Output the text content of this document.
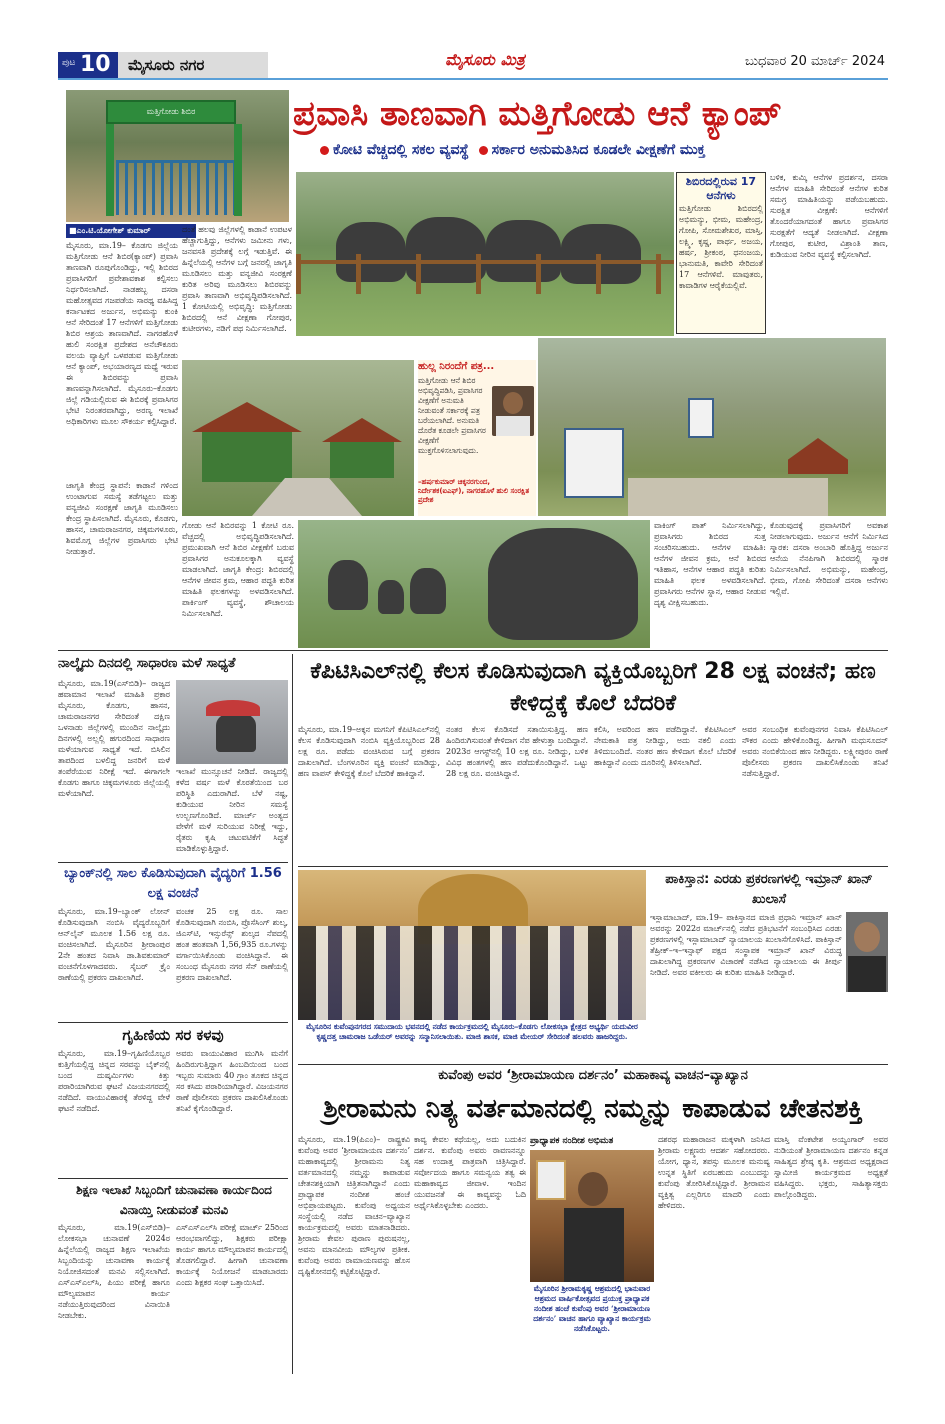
ಪುಟ 10 ಮೈಸೂರು ನಗರ	ಮೈಸೂರು ಮಿತ್ರ	ಬುಧವಾರ 20 ಮಾರ್ಚ್ 2024
ಮತ್ತಿಗೋಡು ಶಿಬಿರ	ಪ್ರವಾಸಿ ತಾಣವಾಗಿ ಮತ್ತಿಗೋಡು ಆನೆ ಕ್ಯಾಂಪ್
ಕೋಟಿ ವೆಚ್ಚದಲ್ಲಿ ಸಕಲ ವ್ಯವಸ್ಥೆ ಸರ್ಕಾರ ಅನುಮತಿಸಿದ ಕೂಡಲೇ ವೀಕ್ಷಣೆಗೆ ಮುಕ್ತ
ಶಿಬಿರದಲ್ಲಿರುವ 17 ಆನೆಗಳು
ಮತ್ತಿಗೋಡು ಶಿಬಿರದಲ್ಲಿ ಅಭಿಮನ್ಯು, ಭೀಮ, ಮಹೇಂದ್ರ, ಗೋಪಿ, ಸೋಮಶೇಖರ, ಮಾಸ್ತಿ, ಲಕ್ಷ್ಮಿ, ಕೃಷ್ಣ, ಪಾರ್ಥ, ಅಜಯ, ಹರ್ಷ, ಶ್ರೀಕಂಠ, ಧನಂಜಯ, ಭಾನುಮತಿ, ಕಾವೇರಿ ಸೇರಿದಂತೆ 17 ಆನೆಗಳಿವೆ. ಮಾವುತರು, ಕಾವಾಡಿಗಳ ಆರೈಕೆಯಲ್ಲಿವೆ.
ಬಳಿಕ, ಕುಮ್ಕಿ ಆನೆಗಳ ಪ್ರದರ್ಶನ, ದಸರಾ ಆನೆಗಳ ಮಾಹಿತಿ ಸೇರಿದಂತೆ ಆನೆಗಳ ಕುರಿತ ಸಮಗ್ರ ಮಾಹಿತಿಯನ್ನು ಪಡೆಯಬಹುದು. ಸುರಕ್ಷಿತ ವೀಕ್ಷಣೆ: ಆನೆಗಳಿಗೆ ತೊಂದರೆಯಾಗದಂತೆ ಹಾಗೂ ಪ್ರವಾಸಿಗರ ಸುರಕ್ಷತೆಗೆ ಆದ್ಯತೆ ನೀಡಲಾಗಿದೆ. ವೀಕ್ಷಣಾ ಗೋಪುರ, ಕುಟೀರ, ವಿಶ್ರಾಂತಿ ತಾಣ, ಕುಡಿಯುವ ನೀರಿನ ವ್ಯವಸ್ಥೆ ಕಲ್ಪಿಸಲಾಗಿದೆ.
■ಎಂ.ಟಿ.ಯೋಗೇಶ್ ಕುಮಾರ್
ಮೈಸೂರು, ಮಾ.19– ಕೊಡಗು ಜಿಲ್ಲೆಯ ಮತ್ತಿಗೋಡು ಆನೆ ಶಿಬಿರ(ಕ್ಯಾಂಪ್) ಪ್ರವಾಸಿ ತಾಣವಾಗಿ ರೂಪುಗೊಂಡಿದ್ದು, ಇಲ್ಲಿ ಶಿಬಿರದ ಪ್ರವಾಸಿಗರಿಗೆ ಪ್ರವೇಶಾವಕಾಶ ಕಲ್ಪಿಸಲು ನಿರ್ಧರಿಸಲಾಗಿದೆ. ನಾಡಹಬ್ಬ ದಸರಾ ಮಹೋತ್ಸವದ ಗಜಪಡೆಯ ಸಾರಥ್ಯ ವಹಿಸಿದ್ದ ಕರ್ನಾಟಕದ ಅರ್ಜುನ, ಅಭಿಮನ್ಯು ಕುಂಕಿ ಆನೆ ಸೇರಿದಂತೆ 17 ಆನೆಗಳಿಗೆ ಮತ್ತಿಗೋಡು ಶಿಬಿರ ಆಶ್ರಯ ತಾಣವಾಗಿದೆ. ನಾಗರಹೊಳೆ ಹುಲಿ ಸಂರಕ್ಷಿತ ಪ್ರದೇಶದ ಅನೆಚೌಕೂರು ವಲಯ ವ್ಯಾಪ್ತಿಗೆ ಒಳಪಡುವ ಮತ್ತಿಗೋಡು ಆನೆ ಕ್ಯಾಂಪ್, ಅಭಯಾರಣ್ಯದ ಮಧ್ಯೆ ಇರುವ ಈ ಶಿಬಿರವನ್ನು ಪ್ರವಾಸಿ ತಾಣವನ್ನಾಗಿಸಲಾಗಿದೆ. ಮೈಸೂರು–ಕೊಡಗು ಜಿಲ್ಲೆ ಗಡಿಯಲ್ಲಿರುವ ಈ ಶಿಬಿರಕ್ಕೆ ಪ್ರವಾಸಿಗರ ಭೇಟಿ ನಿರಂತರವಾಗಿದ್ದು, ಅರಣ್ಯ ಇಲಾಖೆ ಅಧಿಕಾರಿಗಳು ಮೂಲ ಸೌಕರ್ಯ ಕಲ್ಪಿಸಿದ್ದಾರೆ.
ದಂತೆ ಹಲವು ಜಿಲ್ಲೆಗಳಲ್ಲಿ ಕಾಡಾನೆ ಉಪಟಳ ಹೆಚ್ಚಾಗುತ್ತಿದ್ದು, ಆನೆಗಳು ಜಮೀನು ಗಳು, ಜನವಸತಿ ಪ್ರದೇಶಕ್ಕೆ ಲಗ್ಗೆ ಇಡುತ್ತಿವೆ. ಈ ಹಿನ್ನೆಲೆಯಲ್ಲಿ ಆನೆಗಳ ಬಗ್ಗೆ ಜನರಲ್ಲಿ ಜಾಗೃತಿ ಮೂಡಿಸಲು ಮತ್ತು ವನ್ಯಜೀವಿ ಸಂರಕ್ಷಣೆ ಕುರಿತ ಅರಿವು ಮೂಡಿಸಲು ಶಿಬಿರವನ್ನು ಪ್ರವಾಸಿ ತಾಣವಾಗಿ ಅಭಿವೃದ್ಧಿಪಡಿಸಲಾಗಿದೆ. 1 ಕೋಟಿಯಲ್ಲಿ ಅಭಿವೃದ್ಧಿ: ಮತ್ತಿಗೋಡು ಶಿಬಿರದಲ್ಲಿ ಆನೆ ವೀಕ್ಷಣಾ ಗೋಪುರ, ಕುಟೀರಗಳು, ನಡಿಗೆ ಪಥ ನಿರ್ಮಿಸಲಾಗಿದೆ.
ಹುಲ್ಲ ನಿರಂದೆಗೆ ಪತ್ರ...
ಮತ್ತಿಗೋಡು ಆನೆ ಶಿಬಿರ ಅಭಿವೃದ್ಧಿಪಡಿಸಿ, ಪ್ರವಾಸಿಗರ ವೀಕ್ಷಣೆಗೆ ಅನುಮತಿ ನೀಡುವಂತೆ ಸರ್ಕಾರಕ್ಕೆ ಪತ್ರ ಬರೆಯಲಾಗಿದೆ. ಅನುಮತಿ ದೊರೆತ ಕೂಡಲೇ ಪ್ರವಾಸಿಗರ ವೀಕ್ಷಣೆಗೆ ಮುಕ್ತಗೊಳಿಸಲಾಗುವುದು.
–ಹರ್ಷಕುಮಾರ್ ಚಿಕ್ಕನರಗುಂದ, ನಿರ್ದೇಶಕ(ಐಎಫ್), ನಾಗರಹೊಳೆ ಹುಲಿ ಸಂರಕ್ಷಿತ ಪ್ರದೇಶ
ಜಾಗೃತಿ ಕೇಂದ್ರ ಸ್ಥಾಪನೆ: ಕಾಡಾನೆ ಗಳಿಂದ ಉಂಟಾಗುವ ಸಮಸ್ಯೆ ತಡೆಗಟ್ಟಲು ಮತ್ತು ವನ್ಯಜೀವಿ ಸಂರಕ್ಷಣೆ ಜಾಗೃತಿ ಮೂಡಿಸಲು ಕೇಂದ್ರ ಸ್ಥಾಪಿಸಲಾಗಿದೆ. ಮೈಸೂರು, ಕೊಡಗು, ಹಾಸನ, ಚಾಮರಾಜನಗರ, ಚಿಕ್ಕಮಗಳೂರು, ಶಿವಮೊಗ್ಗ ಜಿಲ್ಲೆಗಳ ಪ್ರವಾಸಿಗರು ಭೇಟಿ ನೀಡುತ್ತಾರೆ.
ಗೋಡು ಆನೆ ಶಿಬಿರವನ್ನು 1 ಕೋಟಿ ರೂ. ವೆಚ್ಚದಲ್ಲಿ ಅಭಿವೃದ್ಧಿಪಡಿಸಲಾಗಿದೆ. ಪ್ರಮುಖವಾಗಿ ಆನೆ ಶಿಬಿರ ವೀಕ್ಷಣೆಗೆ ಬರುವ ಪ್ರವಾಸಿಗರ ಅನುಕೂಲಕ್ಕಾಗಿ ವ್ಯವಸ್ಥೆ ಮಾಡಲಾಗಿದೆ. ಜಾಗೃತಿ ಕೇಂದ್ರ: ಶಿಬಿರದಲ್ಲಿ ಆನೆಗಳ ಜೀವನ ಕ್ರಮ, ಆಹಾರ ಪದ್ಧತಿ ಕುರಿತ ಮಾಹಿತಿ ಫಲಕಗಳನ್ನು ಅಳವಡಿಸಲಾಗಿದೆ. ಪಾರ್ಕಿಂಗ್ ವ್ಯವಸ್ಥೆ, ಶೌಚಾಲಯ ನಿರ್ಮಿಸಲಾಗಿದೆ.
ವಾಕಿಂಗ್ ಪಾತ್ ನಿರ್ಮಿಸಲಾಗಿದ್ದು, ಪ್ರವಾಸಿಗರು ಶಿಬಿರದ ಸುತ್ತ ಸಂಚರಿಸಬಹುದು. ಆನೆಗಳ ಮಾಹಿತಿ: ಆನೆಗಳ ಜೀವನ ಕ್ರಮ, ಆನೆ ಶಿಬಿರದ ಇತಿಹಾಸ, ಆನೆಗಳ ಆಹಾರ ಪದ್ಧತಿ ಕುರಿತು ಮಾಹಿತಿ ಫಲಕ ಅಳವಡಿಸಲಾಗಿದೆ. ಪ್ರವಾಸಿಗರು ಆನೆಗಳ ಸ್ನಾನ, ಆಹಾರ ನೀಡುವ ದೃಶ್ಯ ವೀಕ್ಷಿಸಬಹುದು.
ಕೊಡುವುದಕ್ಕೆ ಪ್ರವಾಸಿಗರಿಗೆ ಅವಕಾಶ ನೀಡಲಾಗುವುದು. ಅರ್ಜುನ ಆನೆಗೆ ನಿರ್ಮಿಸಿದ ಸ್ಮಾರಕ: ದಸರಾ ಅಂಬಾರಿ ಹೊತ್ತಿದ್ದ ಅರ್ಜುನ ಆನೆಯ ನೆನಪಿಗಾಗಿ ಶಿಬಿರದಲ್ಲಿ ಸ್ಮಾರಕ ನಿರ್ಮಿಸಲಾಗಿದೆ. ಅಭಿಮನ್ಯು, ಮಹೇಂದ್ರ, ಭೀಮ, ಗೋಪಿ ಸೇರಿದಂತೆ ದಸರಾ ಆನೆಗಳು ಇಲ್ಲಿವೆ.
ನಾಲ್ಕೈದು ದಿನದಲ್ಲಿ ಸಾಧಾರಣ ಮಳೆ ಸಾಧ್ಯತೆ
ಮೈಸೂರು, ಮಾ.19(ಎಸ್‌ಬಿಡಿ)– ರಾಜ್ಯದ ಹವಾಮಾನ ಇಲಾಖೆ ಮಾಹಿತಿ ಪ್ರಕಾರ ಮೈಸೂರು, ಕೊಡಗು, ಹಾಸನ, ಚಾಮರಾಜನಗರ ಸೇರಿದಂತೆ ದಕ್ಷಿಣ ಒಳನಾಡು ಜಿಲ್ಲೆಗಳಲ್ಲಿ ಮುಂದಿನ ನಾಲ್ಕೈದು ದಿನಗಳಲ್ಲಿ ಅಲ್ಲಲ್ಲಿ ಹಗುರದಿಂದ ಸಾಧಾರಣ ಮಳೆಯಾಗುವ ಸಾಧ್ಯತೆ ಇದೆ. ಬಿಸಿಲಿನ ತಾಪದಿಂದ ಬಳಲಿದ್ದ ಜನರಿಗೆ ಮಳೆ ತಂಪೆರೆಯುವ ನಿರೀಕ್ಷೆ ಇದೆ. ಈಗಾಗಲೇ ಕೊಡಗು ಹಾಗೂ ಚಿಕ್ಕಮಗಳೂರು ಜಿಲ್ಲೆಯಲ್ಲಿ ಮಳೆಯಾಗಿದೆ.
ಇಲಾಖೆ ಮುನ್ಸೂಚನೆ ನೀಡಿದೆ. ರಾಜ್ಯದಲ್ಲಿ ಕಳೆದ ವರ್ಷ ಮಳೆ ಕೊರತೆಯಿಂದ ಬರ ಪರಿಸ್ಥಿತಿ ಎದುರಾಗಿದೆ. ಬೆಳೆ ನಷ್ಟ, ಕುಡಿಯುವ ನೀರಿನ ಸಮಸ್ಯೆ ಉಲ್ಬಣಗೊಂಡಿದೆ. ಮಾರ್ಚ್ ಅಂತ್ಯದ ವೇಳೆಗೆ ಮಳೆ ಸುರಿಯುವ ನಿರೀಕ್ಷೆ ಇದ್ದು, ರೈತರು ಕೃಷಿ ಚಟುವಟಿಕೆಗೆ ಸಿದ್ಧತೆ ಮಾಡಿಕೊಳ್ಳುತ್ತಿದ್ದಾರೆ.
ಬ್ಯಾಂಕ್‌ನಲ್ಲಿ ಸಾಲ ಕೊಡಿಸುವುದಾಗಿ ವೈದ್ಯರಿಗೆ 1.56 ಲಕ್ಷ ವಂಚನೆ
ಮೈಸೂರು, ಮಾ.19–ಬ್ಯಾಂಕ್ ಲೋನ್ ಕೊಡಿಸುವುದಾಗಿ ನಂಬಿಸಿ ವೈದ್ಯರೊಬ್ಬರಿಗೆ ಆನ್‌ಲೈನ್ ಮೂಲಕ 1.56 ಲಕ್ಷ ರೂ. ವಂಚಿಸಲಾಗಿದೆ. ಮೈಸೂರಿನ ಶ್ರೀರಾಂಪುರ 2ನೇ ಹಂತದ ನಿವಾಸಿ ಡಾ.ಶಿವಕುಮಾರ್ ವಂಚನೆಗೊಳಗಾದವರು. ಸೈಬರ್ ಕ್ರೈಂ ಠಾಣೆಯಲ್ಲಿ ಪ್ರಕರಣ ದಾಖಲಾಗಿದೆ.
ವಂಚಕ 25 ಲಕ್ಷ ರೂ. ಸಾಲ ಕೊಡಿಸುವುದಾಗಿ ನಂಬಿಸಿ, ಪ್ರೊಸೆಸಿಂಗ್ ಶುಲ್ಕ, ಜಿಎಸ್‌ಟಿ, ಇನ್ಸುರೆನ್ಸ್ ಶುಲ್ಕದ ನೆಪದಲ್ಲಿ ಹಂತ ಹಂತವಾಗಿ 1,56,935 ರೂ.ಗಳನ್ನು ವರ್ಗಾಯಿಸಿಕೊಂಡು ವಂಚಿಸಿದ್ದಾನೆ. ಈ ಸಂಬಂಧ ಮೈಸೂರು ನಗರ ಸೆನ್ ಠಾಣೆಯಲ್ಲಿ ಪ್ರಕರಣ ದಾಖಲಾಗಿದೆ.
ಗೃಹಿಣಿಯ ಸರ ಕಳವು
ಮೈಸೂರು, ಮಾ.19–ಗೃಹಿಣಿಯೊಬ್ಬರ ಕುತ್ತಿಗೆಯಲ್ಲಿದ್ದ ಚಿನ್ನದ ಸರವನ್ನು ಬೈಕ್‌ನಲ್ಲಿ ಬಂದ ದುಷ್ಕರ್ಮಿಗಳು ಕಿತ್ತು ಪರಾರಿಯಾಗಿರುವ ಘಟನೆ ವಿಜಯನಗರದಲ್ಲಿ ನಡೆದಿದೆ. ವಾಯುವಿಹಾರಕ್ಕೆ ತೆರಳಿದ್ದ ವೇಳೆ ಘಟನೆ ನಡೆದಿದೆ.
ಅವರು ವಾಯುವಿಹಾರ ಮುಗಿಸಿ ಮನೆಗೆ ಹಿಂದಿರುಗುತ್ತಿದ್ದಾಗ ಹಿಂಬದಿಯಿಂದ ಬಂದ ಇಬ್ಬರು ಸುಮಾರು 40 ಗ್ರಾಂ ತೂಕದ ಚಿನ್ನದ ಸರ ಕಸಿದು ಪರಾರಿಯಾಗಿದ್ದಾರೆ. ವಿಜಯನಗರ ಠಾಣೆ ಪೊಲೀಸರು ಪ್ರಕರಣ ದಾಖಲಿಸಿಕೊಂಡು ತನಿಖೆ ಕೈಗೊಂಡಿದ್ದಾರೆ.
ಶಿಕ್ಷಣ ಇಲಾಖೆ ಸಿಬ್ಬಂದಿಗೆ ಚುನಾವಣಾ ಕಾರ್ಯದಿಂದ ವಿನಾಯ್ತಿ ನೀಡುವಂತೆ ಮನವಿ
ಮೈಸೂರು, ಮಾ.19(ಎಸ್‌ಬಿಡಿ)– ಲೋಕಸಭಾ ಚುನಾವಣೆ 2024ರ ಹಿನ್ನೆಲೆಯಲ್ಲಿ ರಾಜ್ಯದ ಶಿಕ್ಷಣ ಇಲಾಖೆಯ ಸಿಬ್ಬಂದಿಯನ್ನು ಚುನಾವಣಾ ಕಾರ್ಯಕ್ಕೆ ನಿಯೋಜಿಸದಂತೆ ಮನವಿ ಸಲ್ಲಿಸಲಾಗಿದೆ. ಎಸ್‌ಎಸ್‌ಎಲ್‌ಸಿ, ಪಿಯು ಪರೀಕ್ಷೆ ಹಾಗೂ ಮೌಲ್ಯಮಾಪನ ಕಾರ್ಯ ನಡೆಯುತ್ತಿರುವುದರಿಂದ ವಿನಾಯಿತಿ ನೀಡಬೇಕು.
ಎಸ್‌ಎಸ್‌ಎಲ್‌ಸಿ ಪರೀಕ್ಷೆ ಮಾರ್ಚ್ 25ರಿಂದ ಆರಂಭವಾಗಲಿದ್ದು, ಶಿಕ್ಷಕರು ಪರೀಕ್ಷಾ ಕಾರ್ಯ ಹಾಗೂ ಮೌಲ್ಯಮಾಪನ ಕಾರ್ಯದಲ್ಲಿ ತೊಡಗಲಿದ್ದಾರೆ. ಹೀಗಾಗಿ ಚುನಾವಣಾ ಕಾರ್ಯಕ್ಕೆ ನಿಯೋಜನೆ ಮಾಡಬಾರದು ಎಂದು ಶಿಕ್ಷಕರ ಸಂಘ ಒತ್ತಾಯಿಸಿದೆ.
ಕೆಪಿಟಿಸಿಎಲ್‌ನಲ್ಲಿ ಕೆಲಸ ಕೊಡಿಸುವುದಾಗಿ ವ್ಯಕ್ತಿಯೊಬ್ಬರಿಗೆ 28 ಲಕ್ಷ ವಂಚನೆ; ಹಣ ಕೇಳಿದ್ದಕ್ಕೆ ಕೊಲೆ ಬೆದರಿಕೆ
ಮೈಸೂರು, ಮಾ.19–ಅಕ್ಕನ ಮಗನಿಗೆ ಕೆಪಿಟಿಸಿಎಲ್‌ನಲ್ಲಿ ಕೆಲಸ ಕೊಡಿಸುವುದಾಗಿ ನಂಬಿಸಿ ವ್ಯಕ್ತಿಯೊಬ್ಬರಿಂದ 28 ಲಕ್ಷ ರೂ. ಪಡೆದು ವಂಚಿಸಿರುವ ಬಗ್ಗೆ ಪ್ರಕರಣ ದಾಖಲಾಗಿದೆ. ಬೆಂಗಳೂರಿನ ವ್ಯಕ್ತಿ ವಂಚನೆ ಮಾಡಿದ್ದು, ಹಣ ವಾಪಸ್ ಕೇಳಿದ್ದಕ್ಕೆ ಕೊಲೆ ಬೆದರಿಕೆ ಹಾಕಿದ್ದಾನೆ.
ನಂತರ ಕೆಲಸ ಕೊಡಿಸದೆ ಸತಾಯಿಸುತ್ತಿದ್ದ. ಹಣ ಹಿಂದಿರುಗಿಸುವಂತೆ ಕೇಳಿದಾಗ ನೆಪ ಹೇಳುತ್ತಾ ಬಂದಿದ್ದಾನೆ. 2023ರ ಆಗಸ್ಟ್‌ನಲ್ಲಿ 10 ಲಕ್ಷ ರೂ. ನೀಡಿದ್ದು, ಬಳಿಕ ವಿವಿಧ ಹಂತಗಳಲ್ಲಿ ಹಣ ಪಡೆದುಕೊಂಡಿದ್ದಾನೆ. ಒಟ್ಟು 28 ಲಕ್ಷ ರೂ. ವಂಚಿಸಿದ್ದಾನೆ.
ಕಲಿಸಿ, ಅವರಿಂದ ಹಣ ಪಡೆದಿದ್ದಾನೆ. ಕೆಪಿಟಿಸಿಎಲ್ ನೇಮಕಾತಿ ಪತ್ರ ನೀಡಿದ್ದು, ಅದು ನಕಲಿ ಎಂದು ತಿಳಿದುಬಂದಿದೆ. ನಂತರ ಹಣ ಕೇಳಿದಾಗ ಕೊಲೆ ಬೆದರಿಕೆ ಹಾಕಿದ್ದಾನೆ ಎಂದು ದೂರಿನಲ್ಲಿ ತಿಳಿಸಲಾಗಿದೆ.
ಅವರ ಸಂಬಂಧಿಕ ಕುವೆಂಪುನಗರ ನಿವಾಸಿ ಕೆಪಿಟಿಸಿಎಲ್ ನೌಕರ ಎಂದು ಹೇಳಿಕೊಂಡಿದ್ದ. ಹೀಗಾಗಿ ಮಧುಸೂದನ್ ಅವರು ನಂಬಿಕೆಯಿಂದ ಹಣ ನೀಡಿದ್ದರು. ಲಕ್ಷ್ಮೀಪುರಂ ಠಾಣೆ ಪೊಲೀಸರು ಪ್ರಕರಣ ದಾಖಲಿಸಿಕೊಂಡು ತನಿಖೆ ನಡೆಸುತ್ತಿದ್ದಾರೆ.
ಮೈಸೂರಿನ ಕುವೆಂಪುನಗರದ ಸಮುದಾಯ ಭವನದಲ್ಲಿ ನಡೆದ ಕಾರ್ಯಕ್ರಮದಲ್ಲಿ ಮೈಸೂರು–ಕೊಡಗು ಲೋಕಸಭಾ ಕ್ಷೇತ್ರದ ಅಭ್ಯರ್ಥಿ ಯದುವೀರ ಕೃಷ್ಣದತ್ತ ಚಾಮರಾಜ ಒಡೆಯರ್ ಅವರನ್ನು ಸನ್ಮಾನಿಸಲಾಯಿತು. ಮಾಜಿ ಶಾಸಕ, ಮಾಜಿ ಮೇಯರ್ ಸೇರಿದಂತೆ ಹಲವರು ಹಾಜರಿದ್ದರು.
ಪಾಕಿಸ್ತಾನ: ಎರಡು ಪ್ರಕರಣಗಳಲ್ಲಿ ಇಮ್ರಾನ್ ಖಾನ್ ಖುಲಾಸೆ
ಇಸ್ಲಾಮಾಬಾದ್, ಮಾ.19– ಪಾಕಿಸ್ತಾನದ ಮಾಜಿ ಪ್ರಧಾನಿ ಇಮ್ರಾನ್ ಖಾನ್ ಅವರನ್ನು 2022ರ ಮಾರ್ಚ್‌ನಲ್ಲಿ ನಡೆದ ಪ್ರತಿಭಟನೆಗೆ ಸಂಬಂಧಿಸಿದ ಎರಡು ಪ್ರಕರಣಗಳಲ್ಲಿ ಇಸ್ಲಾಮಾಬಾದ್ ನ್ಯಾಯಾಲಯ ಖುಲಾಸೆಗೊಳಿಸಿದೆ. ಪಾಕಿಸ್ತಾನ್ ತೆಹ್ರೀಕ್–ಇ–ಇನ್ಸಾಫ್ ಪಕ್ಷದ ಸಂಸ್ಥಾಪಕ ಇಮ್ರಾನ್ ಖಾನ್ ವಿರುದ್ಧ ದಾಖಲಾಗಿದ್ದ ಪ್ರಕರಣಗಳ ವಿಚಾರಣೆ ನಡೆಸಿದ ನ್ಯಾಯಾಲಯ ಈ ತೀರ್ಪು ನೀಡಿದೆ. ಅವರ ವಕೀಲರು ಈ ಕುರಿತು ಮಾಹಿತಿ ನೀಡಿದ್ದಾರೆ.
ಕುವೆಂಪು ಅವರ ‘ಶ್ರೀರಾಮಾಯಣ ದರ್ಶನಂ’ ಮಹಾಕಾವ್ಯ ವಾಚನ–ವ್ಯಾಖ್ಯಾನ
ಶ್ರೀರಾಮನು ನಿತ್ಯ ವರ್ತಮಾನದಲ್ಲಿ ನಮ್ಮನ್ನು ಕಾಪಾಡುವ ಚೇತನಶಕ್ತಿ
ಮೈಸೂರು, ಮಾ.19(ಪಿಎಂ)– ರಾಷ್ಟ್ರಕವಿ ಕುವೆಂಪು ಅವರ ‘ಶ್ರೀರಾಮಾಯಣ ದರ್ಶನಂ’ ಮಹಾಕಾವ್ಯದಲ್ಲಿ ಶ್ರೀರಾಮನು ನಿತ್ಯ ವರ್ತಮಾನದಲ್ಲಿ ನಮ್ಮನ್ನು ಕಾಪಾಡುವ ಚೇತನಶಕ್ತಿಯಾಗಿ ಚಿತ್ರಿತನಾಗಿದ್ದಾನೆ ಎಂದು ಪ್ರಾಧ್ಯಾಪಕ ನಂದೀಶ ಹಂಚೆ ಅಭಿಪ್ರಾಯಪಟ್ಟರು. ಕುವೆಂಪು ಅಧ್ಯಯನ ಸಂಸ್ಥೆಯಲ್ಲಿ ನಡೆದ ವಾಚನ–ವ್ಯಾಖ್ಯಾನ ಕಾರ್ಯಕ್ರಮದಲ್ಲಿ ಅವರು ಮಾತನಾಡಿದರು. ಶ್ರೀರಾಮ ಕೇವಲ ಪುರಾಣ ಪುರುಷನಲ್ಲ, ಅವನು ಮಾನವೀಯ ಮೌಲ್ಯಗಳ ಪ್ರತೀಕ. ಕುವೆಂಪು ಅವರು ರಾಮಾಯಣವನ್ನು ಹೊಸ ದೃಷ್ಟಿಕೋನದಲ್ಲಿ ಕಟ್ಟಿಕೊಟ್ಟಿದ್ದಾರೆ.
ಕಾವ್ಯ ಕೇವಲ ಕಥೆಯಲ್ಲ, ಅದು ಬದುಕಿನ ದರ್ಶನ. ಕುವೆಂಪು ಅವರು ರಾವಣನನ್ನೂ ಸಹ ಉದಾತ್ತ ಪಾತ್ರವಾಗಿ ಚಿತ್ರಿಸಿದ್ದಾರೆ. ಸರ್ವೋದಯ ಹಾಗೂ ಸಮನ್ವಯ ತತ್ವ ಈ ಮಹಾಕಾವ್ಯದ ಜೀವಾಳ. ಇಂದಿನ ಯುವಜನತೆ ಈ ಕಾವ್ಯವನ್ನು ಓದಿ ಅರ್ಥೈಸಿಕೊಳ್ಳಬೇಕು ಎಂದರು.
ಪ್ರಾಧ್ಯಾಪಕ ನಂದೀಶ ಅಭಿಮತ
ಮೈಸೂರಿನ ಶ್ರೀರಾಮಕೃಷ್ಣ ಆಶ್ರಮದಲ್ಲಿ ಭಾನುವಾರ ಆಶ್ರಮದ ವಾರ್ಷಿಕೋತ್ಸವದ ಪ್ರಯುಕ್ತ ಪ್ರಾಧ್ಯಾಪಕ ನಂದೀಶ ಹಂಚೆ ಕುವೆಂಪು ಅವರ ‘ಶ್ರೀರಾಮಾಯಣ ದರ್ಶನಂ’ ವಾಚನ ಹಾಗೂ ವ್ಯಾಖ್ಯಾನ ಕಾರ್ಯಕ್ರಮ ನಡೆಸಿಕೊಟ್ಟರು.
ದಶರಥ ಮಹಾರಾಜನ ಮಕ್ಕಳಾಗಿ ಜನಿಸಿದ ಶ್ರೀರಾಮ ಲಕ್ಷ್ಮಣರು ಆದರ್ಶ ಸಹೋದರರು. ಯೋಗ, ಧ್ಯಾನ, ತಪಸ್ಸು ಮೂಲಕ ಮನುಷ್ಯ ಉನ್ನತ ಸ್ಥಿತಿಗೆ ಏರಬಹುದು ಎಂಬುದನ್ನು ಕುವೆಂಪು ತೋರಿಸಿಕೊಟ್ಟಿದ್ದಾರೆ. ಶ್ರೀರಾಮನ ವ್ಯಕ್ತಿತ್ವ ಎಲ್ಲರಿಗೂ ಮಾದರಿ ಎಂದು ಹೇಳಿದರು.
ಮಾಸ್ತಿ ವೆಂಕಟೇಶ ಅಯ್ಯಂಗಾರ್ ಅವರ ನುಡಿಯಂತೆ ಶ್ರೀರಾಮಾಯಣ ದರ್ಶನಂ ಕನ್ನಡ ಸಾಹಿತ್ಯದ ಶ್ರೇಷ್ಠ ಕೃತಿ. ಆಶ್ರಮದ ಅಧ್ಯಕ್ಷರಾದ ಸ್ವಾಮೀಜಿ ಕಾರ್ಯಕ್ರಮದ ಅಧ್ಯಕ್ಷತೆ ವಹಿಸಿದ್ದರು. ಭಕ್ತರು, ಸಾಹಿತ್ಯಾಸಕ್ತರು ಪಾಲ್ಗೊಂಡಿದ್ದರು.
